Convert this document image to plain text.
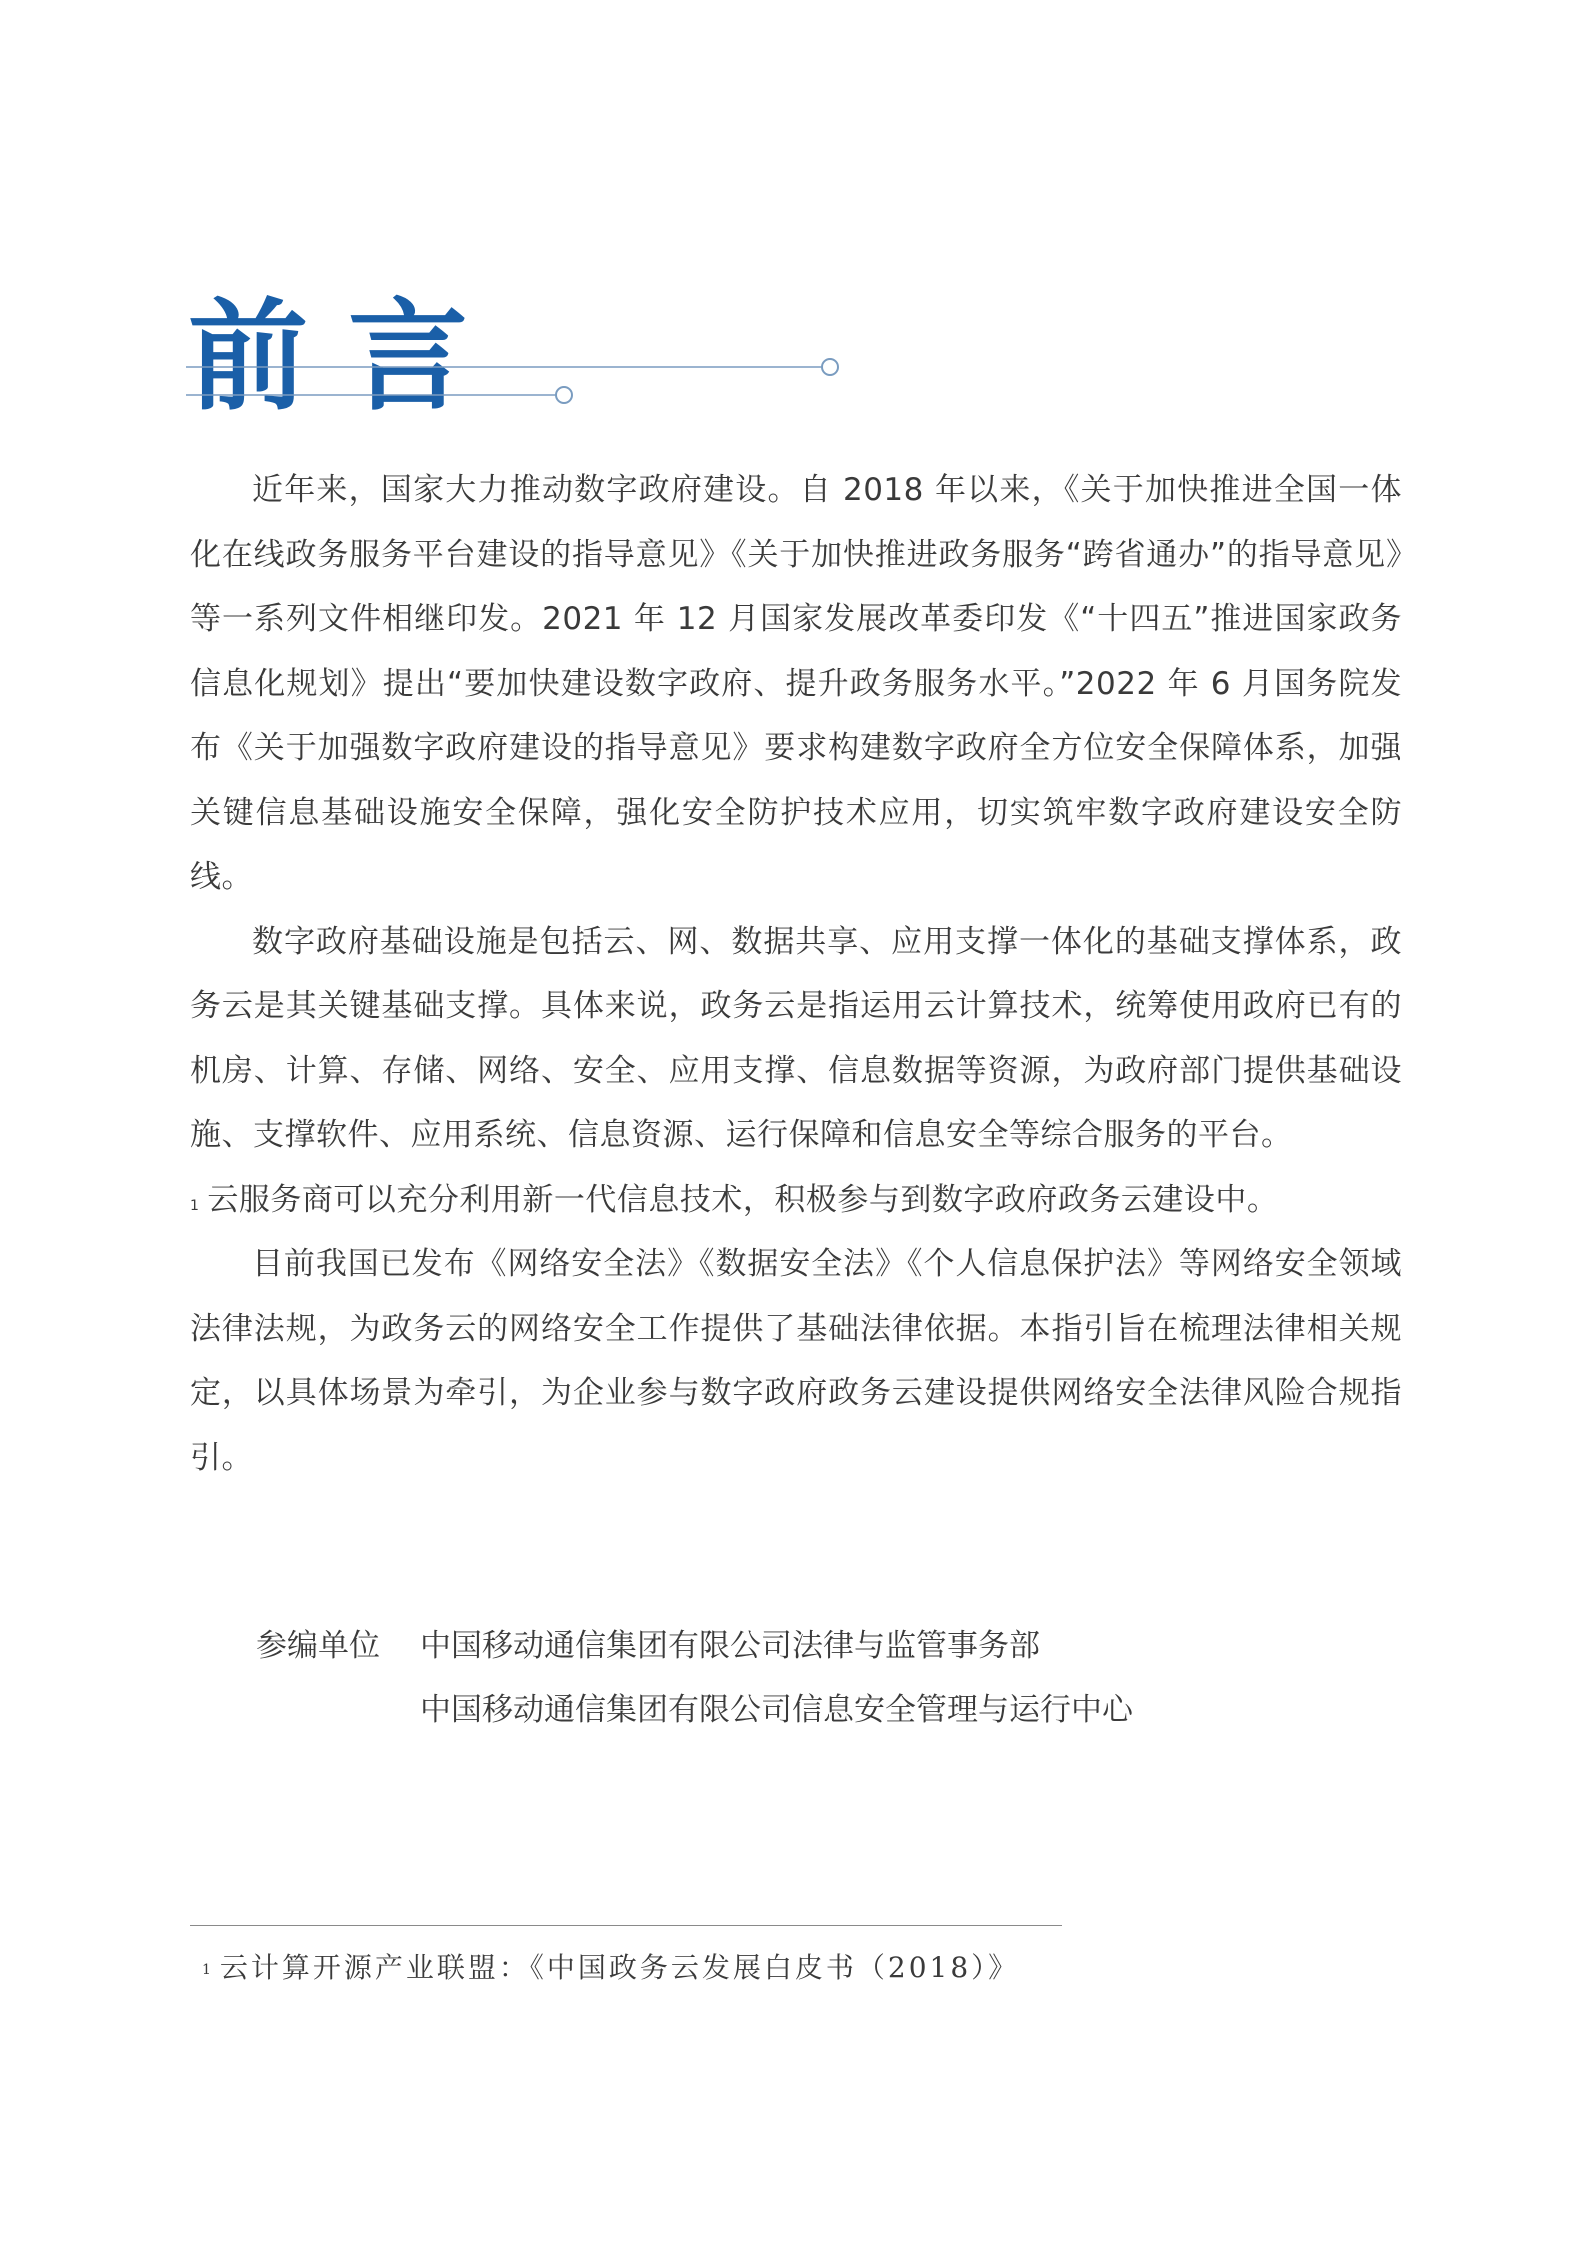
前言

近年来，国家大力推动数字政府建设。自 2018 年以来，《关于加快推进全国一体化在线政务服务平台建设的指导意见》《关于加快推进政务服务“跨省通办”的指导意见》等一系列文件相继印发。2021 年 12 月国家发展改革委印发《“十四五”推进国家政务信息化规划》提出“要加快建设数字政府、提升政务服务水平。”2022 年 6 月国务院发布《关于加强数字政府建设的指导意见》要求构建数字政府全方位安全保障体系，加强关键信息基础设施安全保障，强化安全防护技术应用，切实筑牢数字政府建设安全防线。

数字政府基础设施是包括云、网、数据共享、应用支撑一体化的基础支撑体系，政务云是其关键基础支撑。具体来说，政务云是指运用云计算技术，统筹使用政府已有的机房、计算、存储、网络、安全、应用支撑、信息数据等资源，为政府部门提供基础设施、支撑软件、应用系统、信息资源、运行保障和信息安全等综合服务的平台。

$^1$ 云服务商可以充分利用新一代信息技术，积极参与到数字政府政务云建设中。

目前我国已发布《网络安全法》《数据安全法》《个人信息保护法》等网络安全领域法律法规，为政务云的网络安全工作提供了基础法律依据。本指引旨在梳理法律相关规定，以具体场景为牵引，为企业参与数字政府政务云建设提供网络安全法律风险合规指引。

参编单位	中国移动通信集团有限公司法律与监管事务部
中国移动通信集团有限公司信息安全管理与运行中心
$^1$ 云计算开源产业联盟：《中国政务云发展白皮书（2018）》
